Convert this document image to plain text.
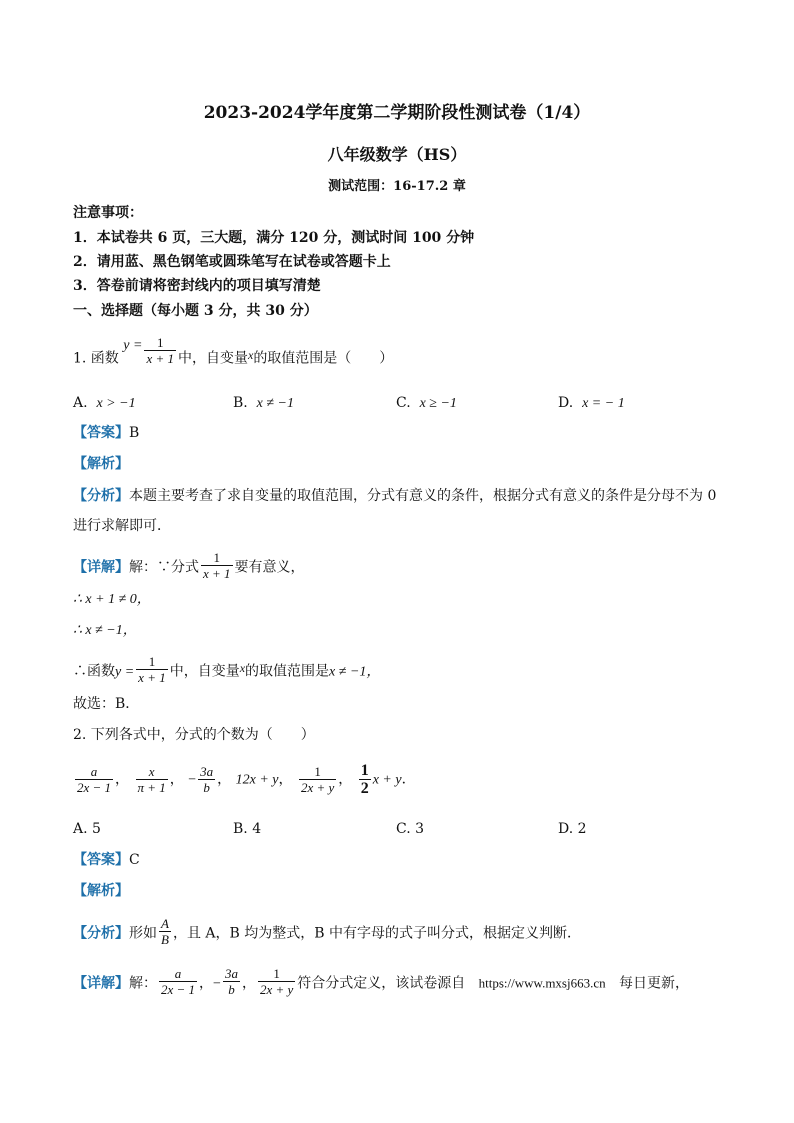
2023-2024学年度第二学期阶段性测试卷（1/4）
八年级数学（HS）
测试范围：16-17.2 章
注意事项：
1．本试卷共 6 页，三大题，满分 120 分，测试时间 100 分钟
2．请用蓝、黑色钢笔或圆珠笔写在试卷或答题卡上
3．答卷前请将密封线内的项目填写清楚
一、选择题（每小题 3 分，共 30 分）
1. 函数 $y = \frac{1}{x + 1}$ 中，自变量x的取值范围是（　　）
A. x > −1	B. x ≠ −1	C. x ≥ −1	D. x = − 1
【答案】B
【解析】
【分析】本题主要考查了求自变量的取值范围，分式有意义的条件，根据分式有意义的条件是分母不为 0
进行求解即可．
【详解】解：∵分式 $\frac{1}{x + 1}$ 要有意义，
∴ x + 1 ≠ 0，
∴ x ≠ −1，
∴函数$y = \frac{1}{x + 1}$ 中，自变量x的取值范围是x ≠ −1，
故选：B．
2. 下列各式中，分式的个数为（　　）
$\frac{a}{2x - 1}$ ， $\frac{x}{\pi + 1}$ ， − $\frac{3a}{b}$ ， 12x + y， $\frac{1}{2x + y}$ ， $\frac{1}{2}$ x + y．
A. 5	B. 4	C. 3	D. 2
【答案】C
【解析】
【分析】形如 $\frac{A}{B}$ ，且 A，B 均为整式，B 中有字母的式子叫分式，根据定义判断．
【详解】解： $\frac{a}{2x - 1}$ ，− $\frac{3a}{b}$ ， $\frac{1}{2x + y}$ 符合分式定义，该试卷源自 https://www.mxsj663.cn 每日更新，
